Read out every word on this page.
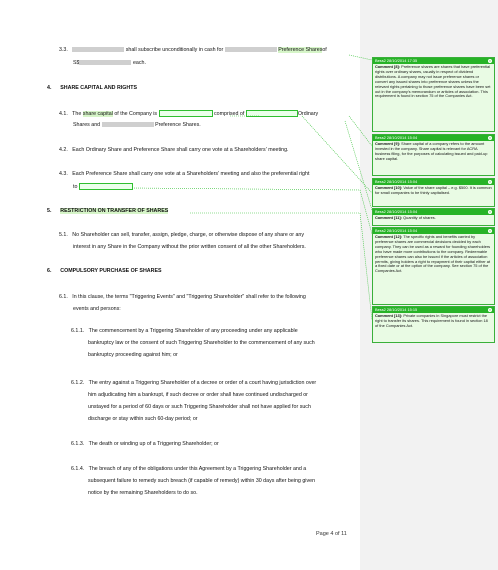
3.3.	shall subscribe unconditionally in cash for	Preference Sharesof
S$	each.
4. SHARE CAPITAL AND RIGHTS
4.1. The share capital of the Company is	comprised of	Ordinary
Shares and	Preference Shares.
4.2. Each Ordinary Share and Preference Share shall carry one vote at a Shareholders' meeting.
4.3. Each Preference Share shall carry one vote at a Shareholders' meeting and also the preferential right
to
5. RESTRICTION ON TRANSFER OF SHARES
5.1. No Shareholder can sell, transfer, assign, pledge, charge, or otherwise dispose of any share or any
interest in any Share in the Company without the prior written consent of all the other Shareholders.
6. COMPULSORY PURCHASE OF SHARES
6.1. In this clause, the terms "Triggering Events" and "Triggering Shareholder" shall refer to the following
events and persons:
6.1.1. The commencement by a Triggering Shareholder of any proceeding under any applicable
bankruptcy law or the consent of such Triggering Shareholder to the commencement of any such
bankruptcy proceeding against him; or
6.1.2. The entry against a Triggering Shareholder of a decree or order of a court having jurisdiction over
him adjudicating him a bankrupt, if such decree or order shall have continued undischarged or
unstayed for a period of 60 days or such Triggering Shareholder shall not have applied for such
discharge or stay within such 60-day period; or
6.1.3. The death or winding up of a Triggering Shareholder; or
6.1.4. The breach of any of the obligations under this Agreement by a Triggering Shareholder and a
subsequent failure to remedy such breach (if capable of remedy) within 30 days after being given
notice by the remaining Shareholders to do so.
Page 4 of 11
Bess2 28/10/2014 17:35	×
Comment [8]: Preference shares are shares that have preferential rights over ordinary shares, usually in respect of dividend distributions. A company may not issue preference shares or convert any issued shares into preference shares unless the relevant rights pertaining to those preference shares have been set out in the company's memorandum or articles of association. This requirement is found in section 75 of the Companies Act.
Bess2 28/10/2014 15:04	×
Comment [9]: Share capital of a company refers to the amount invested in the company. Share capital is relevant for ACRA business filing, for the purposes of calculating issued and paid-up share capital.
Bess2 28/10/2014 15:04	×
Comment [10]: Value of the share capital – e.g. $500. It is common for small companies to be thinly capitalised.
Bess2 28/10/2014 15:04	×
Comment [11]: Quantity of shares.
Bess2 28/10/2014 15:04	×
Comment [12]: The specific rights and benefits carried by preference shares are commercial decisions decided by each company. They can be used as a reward for founding shareholders who have made more contributions to the company. Redeemable preference shares can also be issued if the articles of association permits, giving holders a right to repayment of their capital either at a fixed date or at the option of the company. See section 75 of the Companies Act.
Bess2 28/10/2014 15:15	×
Comment [13]: Private companies in Singapore must restrict the right to transfer its shares. This requirement is found in section 18 of the Companies Act.
